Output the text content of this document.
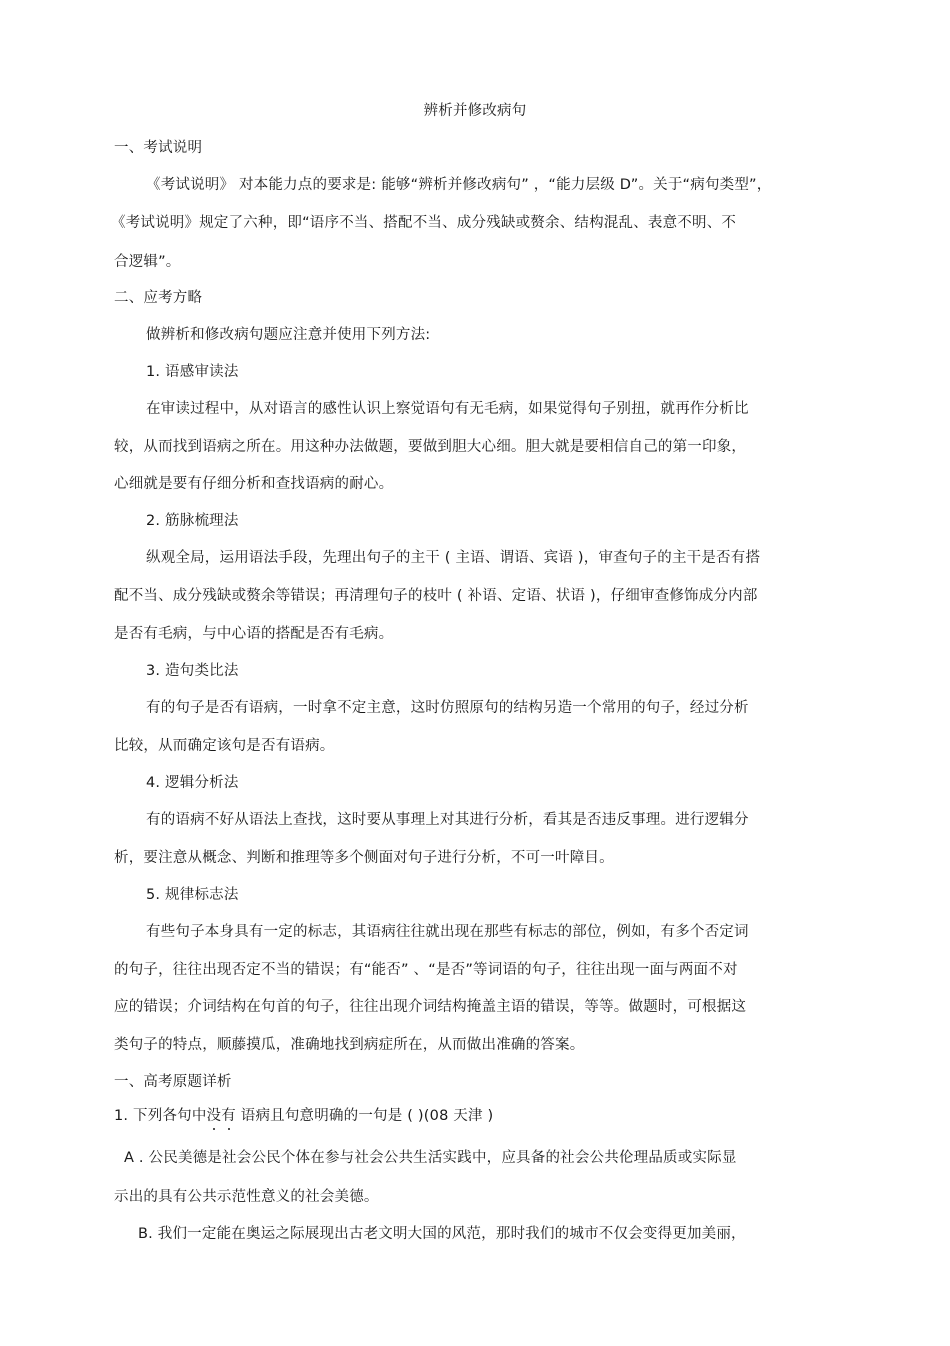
辨析并修改病句
一、考试说明
《考试说明》 对本能力点的要求是: 能够“辨析并修改病句” ，“能力层级 D”。关于“病句类型”，
《考试说明》规定了六种，即“语序不当、搭配不当、成分残缺或赘余、结构混乱、表意不明、不
合逻辑”。
二、应考方略
做辨析和修改病句题应注意并使用下列方法:
1. 语感审读法
在审读过程中，从对语言的感性认识上察觉语句有无毛病，如果觉得句子别扭，就再作分析比
较，从而找到语病之所在。用这种办法做题，要做到胆大心细。胆大就是要相信自己的第一印象，
心细就是要有仔细分析和查找语病的耐心。
2. 筋脉梳理法
纵观全局，运用语法手段，先理出句子的主干 ( 主语、谓语、宾语 )，审查句子的主干是否有搭
配不当、成分残缺或赘余等错误；再清理句子的枝叶 ( 补语、定语、状语 )，仔细审查修饰成分内部
是否有毛病，与中心语的搭配是否有毛病。
3. 造句类比法
有的句子是否有语病，一时拿不定主意，这时仿照原句的结构另造一个常用的句子，经过分析
比较，从而确定该句是否有语病。
4. 逻辑分析法
有的语病不好从语法上查找，这时要从事理上对其进行分析，看其是否违反事理。进行逻辑分
析，要注意从概念、判断和推理等多个侧面对句子进行分析，不可一叶障目。
5. 规律标志法
有些句子本身具有一定的标志，其语病往往就出现在那些有标志的部位，例如，有多个否定词
的句子，往往出现否定不当的错误；有“能否” 、“是否”等词语的句子，往往出现一面与两面不对
应的错误；介词结构在句首的句子，往往出现介词结构掩盖主语的错误，等等。做题时，可根据这
类句子的特点，顺藤摸瓜，准确地找到病症所在，从而做出准确的答案。
一、高考原题详析
1. 下列各句中没有 语病且句意明确的一句是 ( )(08 天津 )
A . 公民美德是社会公民个体在参与社会公共生活实践中，应具备的社会公共伦理品质或实际显
示出的具有公共示范性意义的社会美德。
B. 我们一定能在奥运之际展现出古老文明大国的风范，那时我们的城市不仅会变得更加美丽，
